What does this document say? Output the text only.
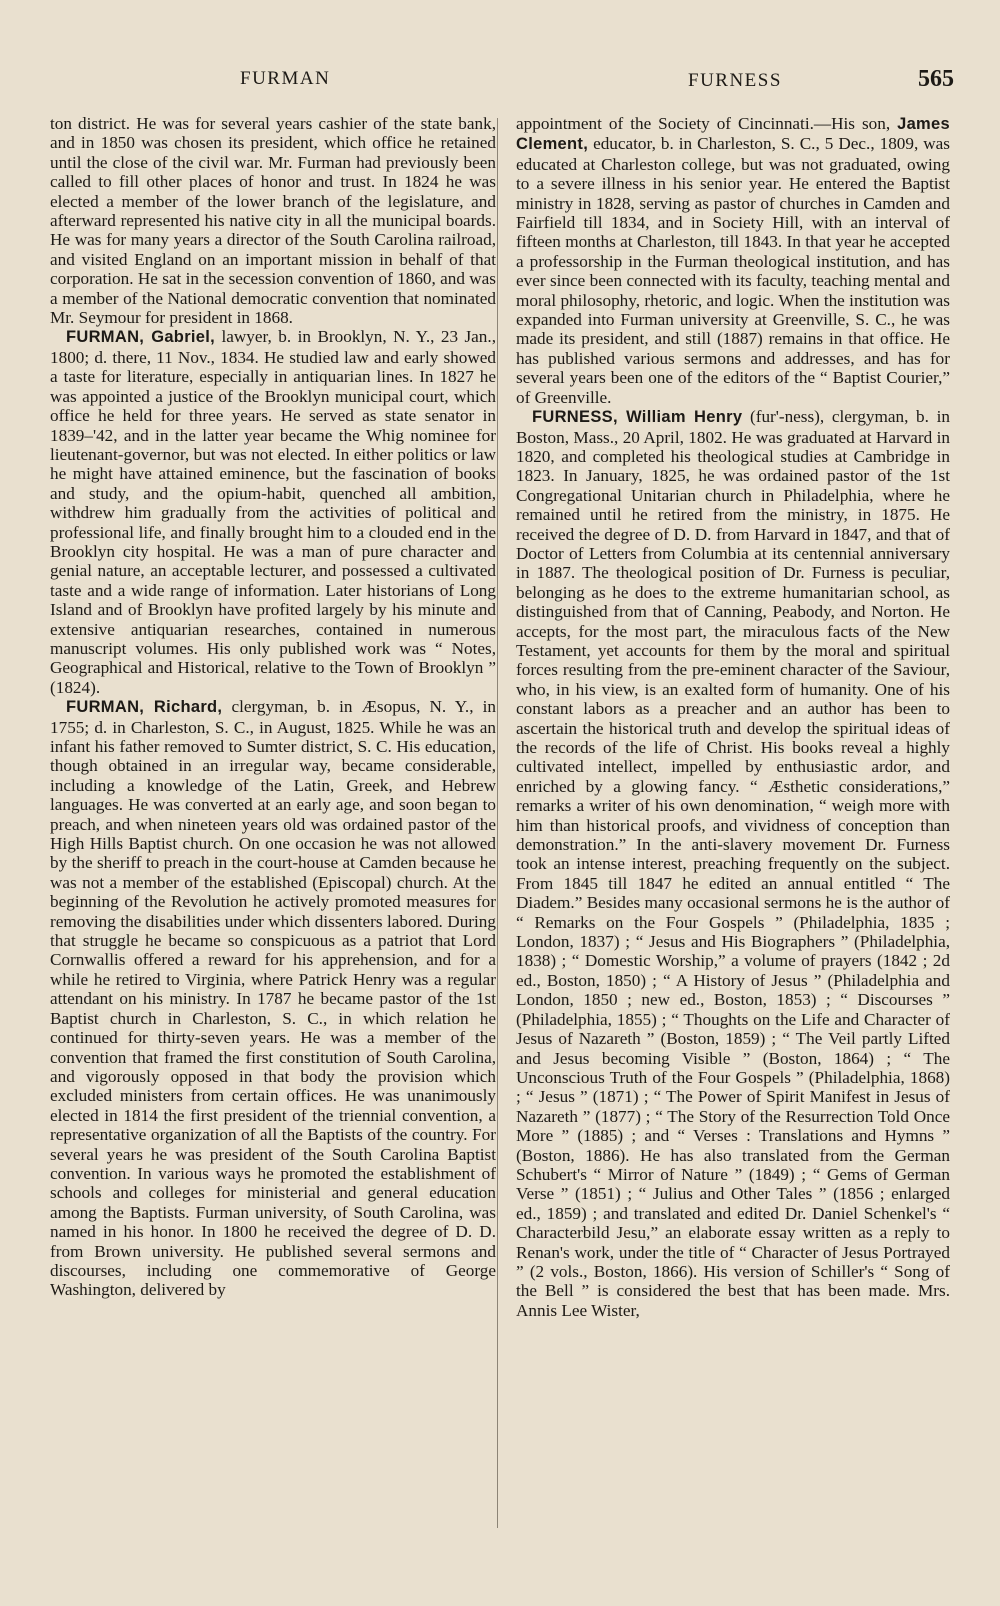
FURMAN	FURNESS	565

ton district. He was for several years cashier of the state bank, and in 1850 was chosen its president, which office he retained until the close of the civil war. Mr. Furman had previously been called to fill other places of honor and trust. In 1824 he was elected a member of the lower branch of the legislature, and afterward represented his native city in all the municipal boards. He was for many years a director of the South Carolina railroad, and visited England on an important mission in behalf of that corporation. He sat in the secession convention of 1860, and was a member of the National democratic convention that nominated Mr. Seymour for president in 1868.

FURMAN, Gabriel, lawyer, b. in Brooklyn, N. Y., 23 Jan., 1800; d. there, 11 Nov., 1834. He studied law and early showed a taste for literature, especially in antiquarian lines. In 1827 he was appointed a justice of the Brooklyn municipal court, which office he held for three years. He served as state senator in 1839–'42, and in the latter year became the Whig nominee for lieutenant-governor, but was not elected. In either politics or law he might have attained eminence, but the fascination of books and study, and the opium-habit, quenched all ambition, withdrew him gradually from the activities of political and professional life, and finally brought him to a clouded end in the Brooklyn city hospital. He was a man of pure character and genial nature, an acceptable lecturer, and possessed a cultivated taste and a wide range of information. Later historians of Long Island and of Brooklyn have profited largely by his minute and extensive antiquarian researches, contained in numerous manuscript volumes. His only published work was “ Notes, Geographical and Historical, relative to the Town of Brooklyn ” (1824).

FURMAN, Richard, clergyman, b. in Æsopus, N. Y., in 1755; d. in Charleston, S. C., in August, 1825. While he was an infant his father removed to Sumter district, S. C. His education, though obtained in an irregular way, became considerable, including a knowledge of the Latin, Greek, and Hebrew languages. He was converted at an early age, and soon began to preach, and when nineteen years old was ordained pastor of the High Hills Baptist church. On one occasion he was not allowed by the sheriff to preach in the court-house at Camden because he was not a member of the established (Episcopal) church. At the beginning of the Revolution he actively promoted measures for removing the disabilities under which dissenters labored. During that struggle he became so conspicuous as a patriot that Lord Cornwallis offered a reward for his apprehension, and for a while he retired to Virginia, where Patrick Henry was a regular attendant on his ministry. In 1787 he became pastor of the 1st Baptist church in Charleston, S. C., in which relation he continued for thirty-seven years. He was a member of the convention that framed the first constitution of South Carolina, and vigorously opposed in that body the provision which excluded ministers from certain offices. He was unanimously elected in 1814 the first president of the triennial convention, a representative organization of all the Baptists of the country. For several years he was president of the South Carolina Baptist convention. In various ways he promoted the establishment of schools and colleges for ministerial and general education among the Baptists. Furman university, of South Carolina, was named in his honor. In 1800 he received the degree of D. D. from Brown university. He published several sermons and discourses, including one commemorative of George Washington, delivered by

appointment of the Society of Cincinnati.—His son, James Clement, educator, b. in Charleston, S. C., 5 Dec., 1809, was educated at Charleston college, but was not graduated, owing to a severe illness in his senior year. He entered the Baptist ministry in 1828, serving as pastor of churches in Camden and Fairfield till 1834, and in Society Hill, with an interval of fifteen months at Charleston, till 1843. In that year he accepted a professorship in the Furman theological institution, and has ever since been connected with its faculty, teaching mental and moral philosophy, rhetoric, and logic. When the institution was expanded into Furman university at Greenville, S. C., he was made its president, and still (1887) remains in that office. He has published various sermons and addresses, and has for several years been one of the editors of the “ Baptist Courier,” of Greenville.

FURNESS, William Henry (fur'-ness), clergyman, b. in Boston, Mass., 20 April, 1802. He was graduated at Harvard in 1820, and completed his theological studies at Cambridge in 1823. In January, 1825, he was ordained pastor of the 1st Congregational Unitarian church in Philadelphia, where he remained until he retired from the ministry, in 1875. He received the degree of D. D. from Harvard in 1847, and that of Doctor of Letters from Columbia at its centennial anniversary in 1887. The theological position of Dr. Furness is peculiar, belonging as he does to the extreme humanitarian school, as distinguished from that of Canning, Peabody, and Norton. He accepts, for the most part, the miraculous facts of the New Testament, yet accounts for them by the moral and spiritual forces resulting from the pre-eminent character of the Saviour, who, in his view, is an exalted form of humanity. One of his constant labors as a preacher and an author has been to ascertain the historical truth and develop the spiritual ideas of the records of the life of Christ. His books reveal a highly cultivated intellect, impelled by enthusiastic ardor, and enriched by a glowing fancy. “ Æsthetic considerations,” remarks a writer of his own denomination, “ weigh more with him than historical proofs, and vividness of conception than demonstration.” In the anti-slavery movement Dr. Furness took an intense interest, preaching frequently on the subject. From 1845 till 1847 he edited an annual entitled “ The Diadem.” Besides many occasional sermons he is the author of “ Remarks on the Four Gospels ” (Philadelphia, 1835 ; London, 1837) ; “ Jesus and His Biographers ” (Philadelphia, 1838) ; “ Domestic Worship,” a volume of prayers (1842 ; 2d ed., Boston, 1850) ; “ A History of Jesus ” (Philadelphia and London, 1850 ; new ed., Boston, 1853) ; “ Discourses ” (Philadelphia, 1855) ; “ Thoughts on the Life and Character of Jesus of Nazareth ” (Boston, 1859) ; “ The Veil partly Lifted and Jesus becoming Visible ” (Boston, 1864) ; “ The Unconscious Truth of the Four Gospels ” (Philadelphia, 1868) ; “ Jesus ” (1871) ; “ The Power of Spirit Manifest in Jesus of Nazareth ” (1877) ; “ The Story of the Resurrection Told Once More ” (1885) ; and “ Verses : Translations and Hymns ” (Boston, 1886). He has also translated from the German Schubert's “ Mirror of Nature ” (1849) ; “ Gems of German Verse ” (1851) ; “ Julius and Other Tales ” (1856 ; enlarged ed., 1859) ; and translated and edited Dr. Daniel Schenkel's “ Characterbild Jesu,” an elaborate essay written as a reply to Renan's work, under the title of “ Character of Jesus Portrayed ” (2 vols., Boston, 1866). His version of Schiller's “ Song of the Bell ” is considered the best that has been made. Mrs. Annis Lee Wister,
